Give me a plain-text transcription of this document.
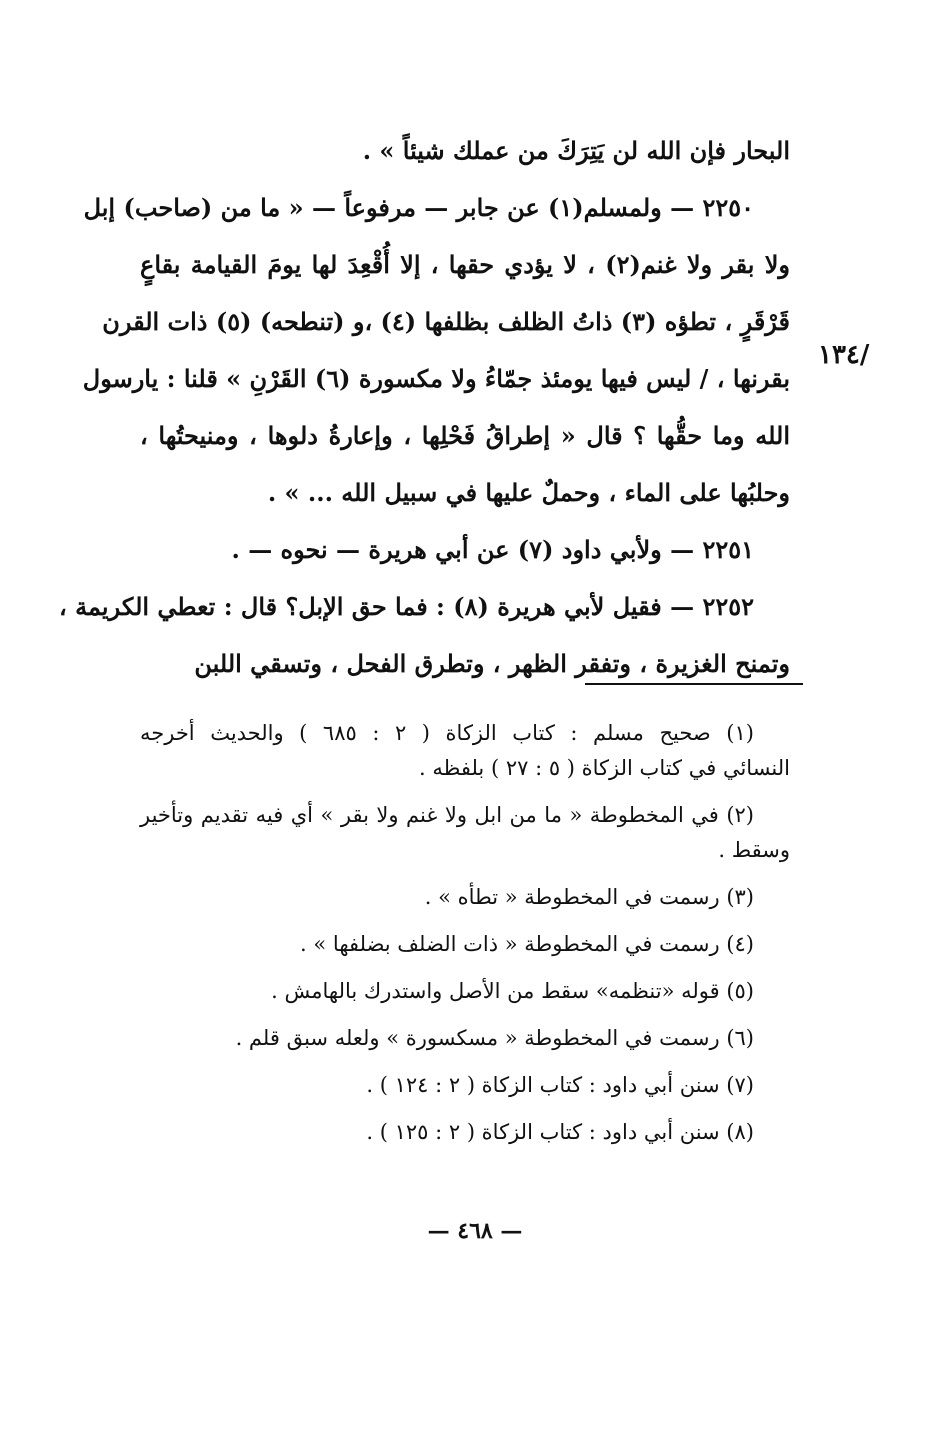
البحار فإن الله لن يَتِرَكَ من عملك شيئاً » .
٢٢٥٠ — ولمسلم(١) عن جابر — مرفوعاً — « ما من (صاحب) إبل
ولا بقر ولا غنم(٢) ، لا يؤدي حقها ، إلا أُقْعِدَ لها يومَ القيامة بقاعٍ
قَرْقَرٍ ، تطؤه (٣) ذاتُ الظلف بظلفها (٤) ،و (تنطحه) (٥) ذات القرن
بقرنها ، / ليس فيها يومئذ جمّاءُ ولا مكسورة (٦) القَرْنِ » قلنا : يارسول
الله وما حقُّها ؟ قال « إطراقُ فَحْلِها ، وإعارةُ دلوها ، ومنيحتُها ،
وحلبُها على الماء ، وحملٌ عليها في سبيل الله ... » .
٢٢٥١ — ولأبي داود (٧) عن أبي هريرة — نحوه — .
٢٢٥٢ — فقيل لأبي هريرة (٨) : فما حق الإبل؟ قال : تعطي الكريمة ،
وتمنح الغزيرة ، وتفقر الظهر ، وتطرق الفحل ، وتسقي اللبن
/١٣٤
(١) صحيح مسلم : كتاب الزكاة ( ٢ : ٦٨٥ ) والحديث أخرجه
النسائي في كتاب الزكاة ( ٥ : ٢٧ ) بلفظه .
(٢) في المخطوطة « ما من ابل ولا غنم ولا بقر » أي فيه تقديم وتأخير
وسقط .
(٣) رسمت في المخطوطة « تطأه » .
(٤) رسمت في المخطوطة « ذات الضلف بضلفها » .
(٥) قوله «تنظمه» سقط من الأصل واستدرك بالهامش .
(٦) رسمت في المخطوطة « مسكسورة » ولعله سبق قلم .
(٧) سنن أبي داود : كتاب الزكاة ( ٢ : ١٢٤ ) .
(٨) سنن أبي داود : كتاب الزكاة ( ٢ : ١٢٥ ) .
— ٤٦٨ —
